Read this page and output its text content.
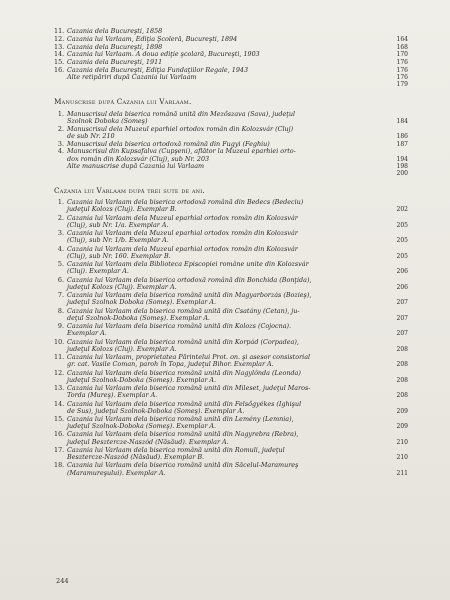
11. Cazania dela Bucureşti, 1858
12. Cazania lui Varlaam, Ediţia Şcoleră, Bucureşti, 1894	164
13. Cazania dela Bucureşti, 1898	168
14. Cazania lui Varlaam. A doua ediţie şcolară, Bucureşti, 1903	170
15. Cazania dela Bucureşti, 1911	176
16. Cazania dela Bucureşti, Ediţia Fundaţiilor Regale, 1943	176
Alte retipăriri după Cazania lui Varlaam	176
179
Manuscrise după Cazania lui Varlaam.
1. Manuscrisul dela biserica română unită din Mezőszava (Sava), judeţul
Szolnok Doboka (Someş)	184
2. Manuscrisul dela Muzeul eparhiel ortodox român din Kolozsvár (Cluj)
de sub Nr. 210	186
3. Manuscrisul dela biserica ortodoxă română din Fugyi (Feghiu)	187
4. Manuscrisul din Kupsafalva (Cupşeni), aflător la Muzeul eparhiei orto-
dox român din Kolozsvár (Cluj), sub Nr. 203	194
Alte manuscrise după Cazania lui Varlaam	198
200
Cazania lui Varlaam după trei sute de ani.
1. Cazania lui Varlaam dela biserica ortodoxă română din Bedecs (Bedeciu)
judeţul Kolozs (Cluj). Exemplar B.	202
2. Cazania lui Varlaam dela Muzeul eparhial ortodox român din Kolozsvár
(Cluj), sub Nr. 1/a. Exemplar A.	205
3. Cazania lui Varlaam dela Muzeul eparhial ortodox român din Kolozsvár
(Cluj), sub Nr. 1/b. Exemplar A.	205
4. Cazania lui Varlaam dela Muzeul eparhial ortodox român din Kolozsvár
(Cluj), sub Nr. 160. Exemplar B.	205
5. Cazania lui Varlaam dela Biblioteca Episcopiei române unite din Kolozsvár
(Cluj). Exemplar A.	206
6. Cazania lui Varlaam dela biserica ortodoxă română din Bonchida (Bonţida),
judeţul Kolozs (Cluj). Exemplar A.	206
7. Cazania lui Varlaam dela biserica română unită din Magyarborzás (Bozieş),
judeţul Szolnok Doboka (Someş). Exemplar A.	207
8. Cazania lui Varlaam dela biserica română unită din Csatány (Cetan), ju-
deţul Szolnok-Doboka (Someş). Exemplar A.	207
9. Cazania lui Varlaam dela biserica română unită din Kolozs (Cojocna).
Exemplar A.	207
10. Cazania lui Varlaam dela biserica română unită din Korpád (Corpadea),
judeţul Kolozs (Cluj). Exemplar A.	208
11. Cazania lui Varlaam, proprietatea Părintelui Prot. on. şi asesor consistorial
gr. cat. Vasile Coman, paroh în Topa, judeţul Bihor. Exemplar A.	208
12. Cazania lui Varlaam dela biserica română unită din Nagylônda (Leonda)
judeţul Szolnok-Doboka (Someş). Exemplar A.	208
13. Cazania lui Varlaam dela biserica română unită din Mileset, judeţul Maros-
Torda (Mureş). Exemplar A.	208
14. Cazania lui Varlaam dela biserica română unită din Felsőgyékes (Ighişul
de Sus), judeţul Szolnok-Doboka (Someş). Exemplar A.	209
15. Cazania lui Varlaam dela biserica română unită din Lemény (Lemnia),
judeţul Szolnok-Doboka (Someş). Exemplar A.	209
16. Cazania lui Varlaam dela biserica română unită din Nagyrebra (Rebra),
judeţul Besztercze-Naszód (Năsăud). Exemplar A.	210
17. Cazania lui Varlaam dela biserica română unită din Romuli, judeţul
Besztercze-Naszód (Năsăud). Exemplar B.	210
18. Cazania lui Varlaam dela biserica română unită din Săcelul-Maramureş
(Maramureşului). Exemplar A.	211
244
